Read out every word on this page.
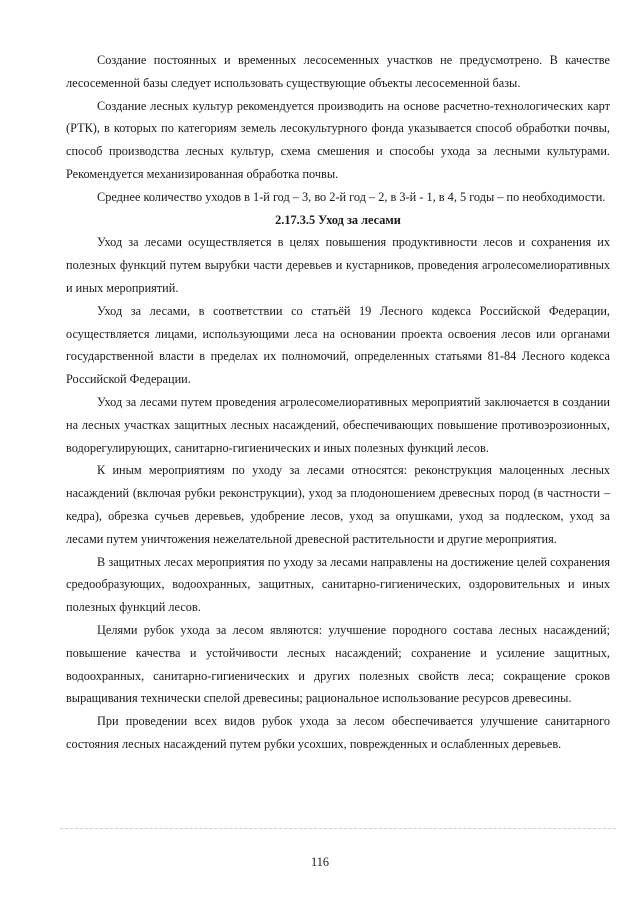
Создание постоянных и временных лесосеменных участков не предусмотрено. В качестве лесосеменной базы следует использовать существующие объекты лесосеменной базы.

Создание лесных культур рекомендуется производить на основе расчетно-технологических карт (РТК), в которых по категориям земель лесокультурного фонда указывается способ обработки почвы, способ производства лесных культур, схема смешения и способы ухода за лесными культурами. Рекомендуется механизированная обработка почвы.

Среднее количество уходов в 1-й год – 3, во 2-й год – 2, в 3-й - 1, в 4, 5 годы – по необходимости.

2.17.3.5 Уход за лесами

Уход за лесами осуществляется в целях повышения продуктивности лесов и сохранения их полезных функций путем вырубки части деревьев и кустарников, проведения агролесомелиоративных и иных мероприятий.

Уход за лесами, в соответствии со статьёй 19 Лесного кодекса Российской Федерации, осуществляется лицами, использующими леса на основании проекта освоения лесов или органами государственной власти в пределах их полномочий, определенных статьями 81-84 Лесного кодекса Российской Федерации.

Уход за лесами путем проведения агролесомелиоративных мероприятий заключается в создании на лесных участках защитных лесных насаждений, обеспечивающих повышение противоэрозионных, водорегулирующих, санитарно-гигиенических и иных полезных функций лесов.

К иным мероприятиям по уходу за лесами относятся: реконструкция малоценных лесных насаждений (включая рубки реконструкции), уход за плодоношением древесных пород (в частности – кедра), обрезка сучьев деревьев, удобрение лесов, уход за опушками, уход за подлеском, уход за лесами путем уничтожения нежелательной древесной растительности и другие мероприятия.

В защитных лесах мероприятия по уходу за лесами направлены на достижение целей сохранения средообразующих, водоохранных, защитных, санитарно-гигиенических, оздоровительных и иных полезных функций лесов.

Целями рубок ухода за лесом являются: улучшение породного состава лесных насаждений; повышение качества и устойчивости лесных насаждений; сохранение и усиление защитных, водоохранных, санитарно-гигиенических и других полезных свойств леса; сокращение сроков выращивания технически спелой древесины; рациональное использование ресурсов древесины.

При проведении всех видов рубок ухода за лесом обеспечивается улучшение санитарного состояния лесных насаждений путем рубки усохших, поврежденных и ослабленных деревьев.

116
